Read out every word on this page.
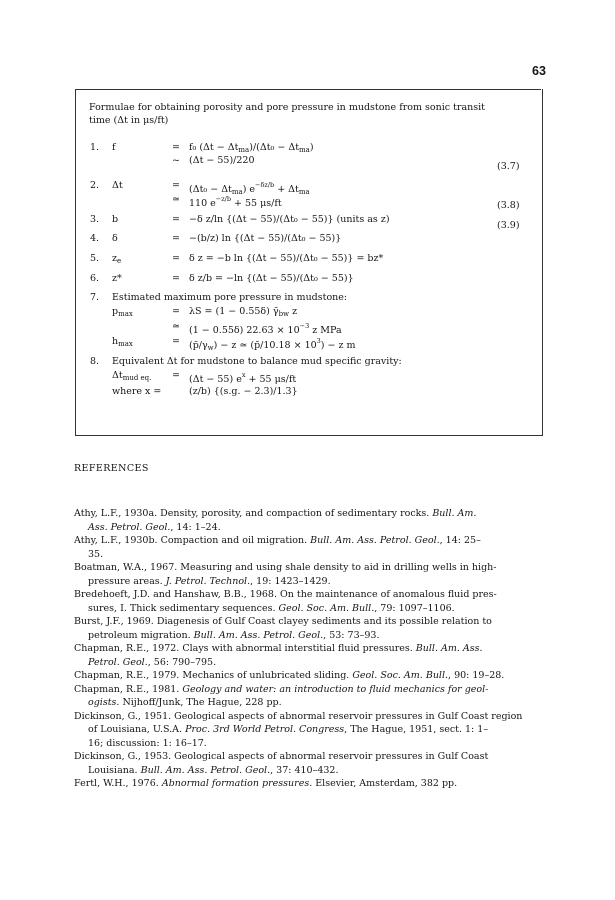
63
Formulae for obtaining porosity and pore pressure in mudstone from sonic transit
time (Δt in μs/ft)
1. f	= f₀ $(\Delta t - \Delta t_{ma})/(\Delta t_0 - \Delta t_{ma})$
~ (Δt − 55)/220
(3.7)
2. Δt	= $(\Delta t_0 - \Delta t_{ma})$ $e^{-\delta z/b} + \Delta t_{ma}$
≃ 110 $e^{-z/b} + 55$ μs/ft	(3.8)
3. b	= −δ z/ln {(Δt − 55)/(Δt₀ − 55)} (units as z)
(3.9)
4. δ	= −(b/z) ln {(Δt − 55)/(Δt₀ − 55)}
5. $z_e$	= δ z = −b ln {(Δt − 55)/(Δt₀ − 55)} = bz*
6. z*	= δ z/b = −ln {(Δt − 55)/(Δt₀ − 55)}
7. Estimated maximum pore pressure in mudstone:
$p_{max}$	= λS = (1 − 0.55δ) $\gammā_{bw}$ z
≃ (1 − 0.55δ) $22.63 \times 10^{-3}$ z MPa
$h_{max}$	= $(p̄/\gamma_w) - z$ ≃ (p̄/10.18 × $10^3) - z$ m
8. Equivalent Δt for mudstone to balance mud specific gravity:
$\Delta t_{mud eq.} = (\Delta t - 55) e^x + 55$ μs/ft
where x =	(z/b) {(s.g. − 2.3)/1.3}
REFERENCES
Athy, L.F., 1930a. Density, porosity, and compaction of sedimentary rocks. Bull. Am.
Ass. Petrol. Geol., 14: 1–24.
Athy, L.F., 1930b. Compaction and oil migration. Bull. Am. Ass. Petrol. Geol., 14: 25–
35.
Boatman, W.A., 1967. Measuring and using shale density to aid in drilling wells in high-
pressure areas. J. Petrol. Technol., 19: 1423–1429.
Bredehoeft, J.D. and Hanshaw, B.B., 1968. On the maintenance of anomalous fluid pres-
sures, I. Thick sedimentary sequences. Geol. Soc. Am. Bull., 79: 1097–1106.
Burst, J.F., 1969. Diagenesis of Gulf Coast clayey sediments and its possible relation to
petroleum migration. Bull. Am. Ass. Petrol. Geol., 53: 73–93.
Chapman, R.E., 1972. Clays with abnormal interstitial fluid pressures. Bull. Am. Ass.
Petrol. Geol., 56: 790–795.
Chapman, R.E., 1979. Mechanics of unlubricated sliding. Geol. Soc. Am. Bull., 90: 19–28.
Chapman, R.E., 1981. Geology and water: an introduction to fluid mechanics for geol-
ogists. Nijhoff/Junk, The Hague, 228 pp.
Dickinson, G., 1951. Geological aspects of abnormal reservoir pressures in Gulf Coast region
of Louisiana, U.S.A. Proc. 3rd World Petrol. Congress, The Hague, 1951, sect. 1: 1–
16; discussion: 1: 16–17.
Dickinson, G., 1953. Geological aspects of abnormal reservoir pressures in Gulf Coast
Louisiana. Bull. Am. Ass. Petrol. Geol., 37: 410–432.
Fertl, W.H., 1976. Abnormal formation pressures. Elsevier, Amsterdam, 382 pp.
